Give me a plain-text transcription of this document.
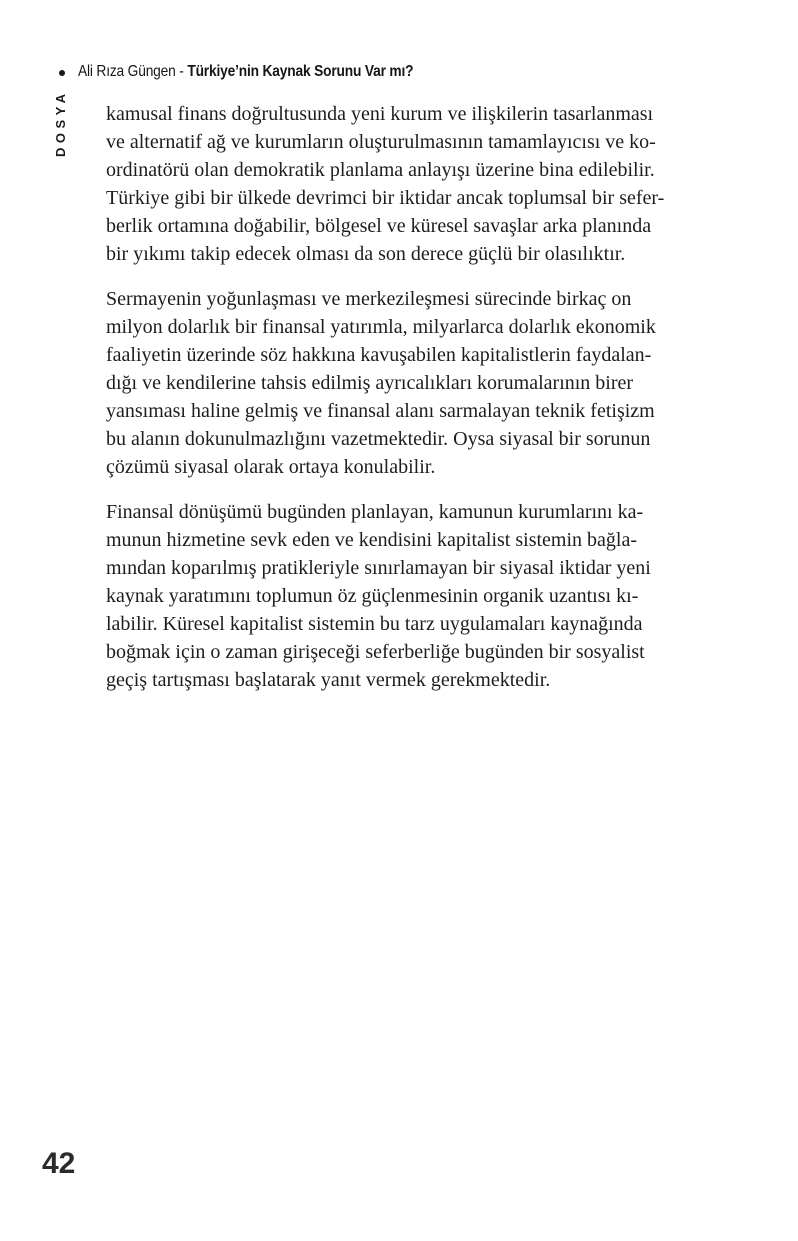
Ali Rıza Güngen - Türkiye’nin Kaynak Sorunu Var mı?
DOSYA kamusal finans doğrultusunda yeni kurum ve ilişkilerin tasarlanması
ve alternatif ağ ve kurumların oluşturulmasının tamamlayıcısı ve ko-
ordinatörü olan demokratik planlama anlayışı üzerine bina edilebilir.
Türkiye gibi bir ülkede devrimci bir iktidar ancak toplumsal bir sefer-
berlik ortamına doğabilir, bölgesel ve küresel savaşlar arka planında
bir yıkımı takip edecek olması da son derece güçlü bir olasılıktır.
Sermayenin yoğunlaşması ve merkezileşmesi sürecinde birkaç on
milyon dolarlık bir finansal yatırımla, milyarlarca dolarlık ekonomik
faaliyetin üzerinde söz hakkına kavuşabilen kapitalistlerin faydalan-
dığı ve kendilerine tahsis edilmiş ayrıcalıkları korumalarının birer
yansıması haline gelmiş ve finansal alanı sarmalayan teknik fetişizm
bu alanın dokunulmazlığını vazetmektedir. Oysa siyasal bir sorunun
çözümü siyasal olarak ortaya konulabilir.
Finansal dönüşümü bugünden planlayan, kamunun kurumlarını ka-
munun hizmetine sevk eden ve kendisini kapitalist sistemin bağla-
mından koparılmış pratikleriyle sınırlamayan bir siyasal iktidar yeni
kaynak yaratımını toplumun öz güçlenmesinin organik uzantısı kı-
labilir. Küresel kapitalist sistemin bu tarz uygulamaları kaynağında
boğmak için o zaman girişeceği seferberliğe bugünden bir sosyalist
geçiş tartışması başlatarak yanıt vermek gerekmektedir.
42
